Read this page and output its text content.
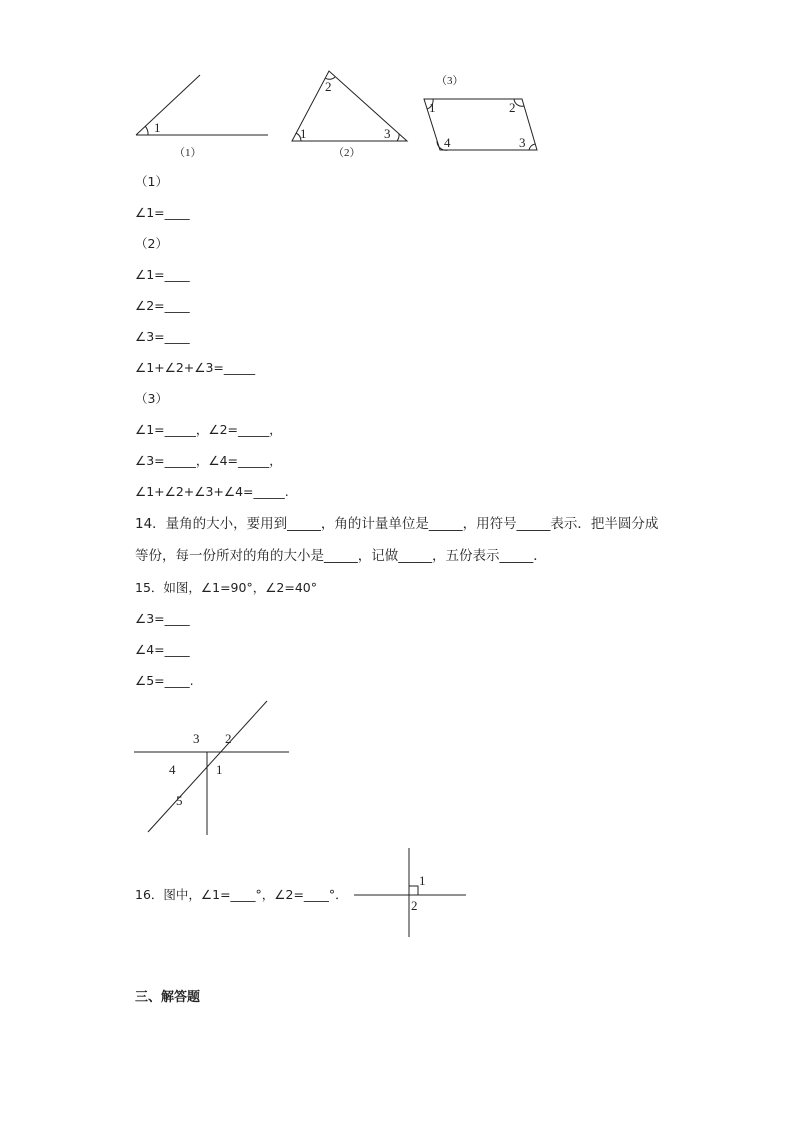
1
（1）
1
2
3
（2）
（3）
1	2
3
4
（1）
∠1=____
（2）
∠1=____
∠2=____
∠3=____
∠1+∠2+∠3=_____
（3）
∠1=_____，∠2=_____，
∠3=_____，∠4=_____，
∠1+∠2+∠3+∠4=_____.
14．量角的大小，要用到_____，角的计量单位是_____，用符号_____表示．把半圆分成
等份，每一份所对的角的大小是_____，记做_____，五份表示_____．
15．如图，∠1=90°，∠2=40°
∠3=____
∠4=____
∠5=____.
3 2
4	1
5
16．图中，∠1=____°，∠2=____°．
1
2
三、解答题
